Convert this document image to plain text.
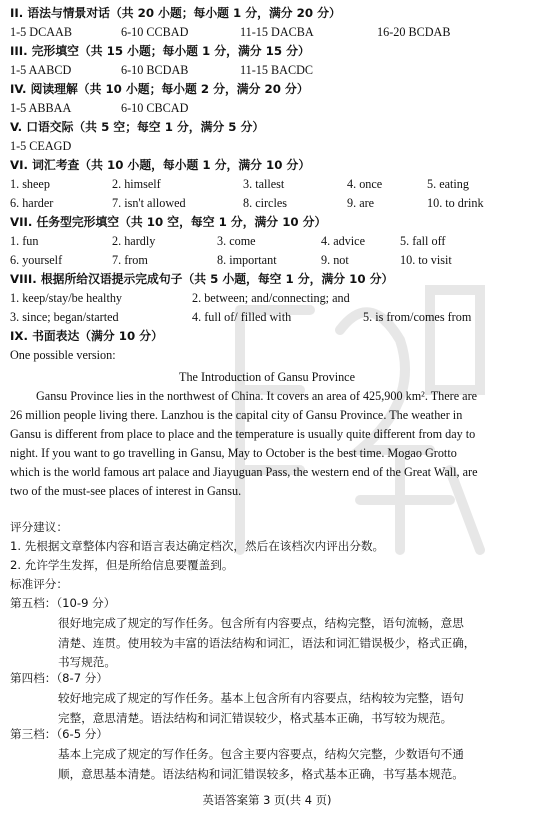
II. 语法与情景对话（共 20 小题；每小题 1 分，满分 20 分）
1-5 DCAAB	6-10 CCBAD	11-15 DACBA	16-20 BCDAB
III. 完形填空（共 15 小题；每小题 1 分，满分 15 分）
1-5 AABCD	6-10 BCDAB	11-15 BACDC
IV. 阅读理解（共 10 小题；每小题 2 分，满分 20 分）
1-5 ABBAA	6-10 CBCAD
V. 口语交际（共 5 空；每空 1 分，满分 5 分）
1-5 CEAGD
VI. 词汇考查（共 10 小题，每小题 1 分，满分 10 分）
1. sheep	2. himself	3. tallest	4. once	5. eating
6. harder	7. isn't allowed	8. circles	9. are	10. to drink
VII. 任务型完形填空（共 10 空，每空 1 分，满分 10 分）
1. fun	2. hardly	3. come	4. advice	5. fall off
6. yourself	7. from	8. important	9. not	10. to visit
VIII. 根据所给汉语提示完成句子（共 5 小题，每空 1 分，满分 10 分）
1. keep/stay/be healthy	2. between; and/connecting; and
3. since; began/started	4. full of/ filled with	5. is from/comes from
IX. 书面表达（满分 10 分）
One possible version:
The Introduction of Gansu Province
Gansu Province lies in the northwest of China. It covers an area of 425,900 km². There are
26 million people living there. Lanzhou is the capital city of Gansu Province. The weather in
Gansu is different from place to place and the temperature is usually quite different from day to
night. If you want to go travelling in Gansu, May to October is the best time. Mogao Grotto
which is the world famous art palace and Jiayuguan Pass, the western end of the Great Wall, are
two of the must-see places of interest in Gansu.
评分建议：
1. 先根据文章整体内容和语言表达确定档次，然后在该档次内评出分数。
2. 允许学生发挥，但是所给信息要覆盖到。
标准评分：
第五档：（10-9 分）
很好地完成了规定的写作任务。包含所有内容要点，结构完整，语句流畅，意思
清楚、连贯。使用较为丰富的语法结构和词汇，语法和词汇错误极少，格式正确，
书写规范。
第四档：（8-7 分）
较好地完成了规定的写作任务。基本上包含所有内容要点，结构较为完整，语句
完整，意思清楚。语法结构和词汇错误较少，格式基本正确，书写较为规范。
第三档：（6-5 分）
基本上完成了规定的写作任务。包含主要内容要点，结构欠完整，少数语句不通
顺，意思基本清楚。语法结构和词汇错误较多，格式基本正确，书写基本规范。
英语答案第 3 页(共 4 页)
